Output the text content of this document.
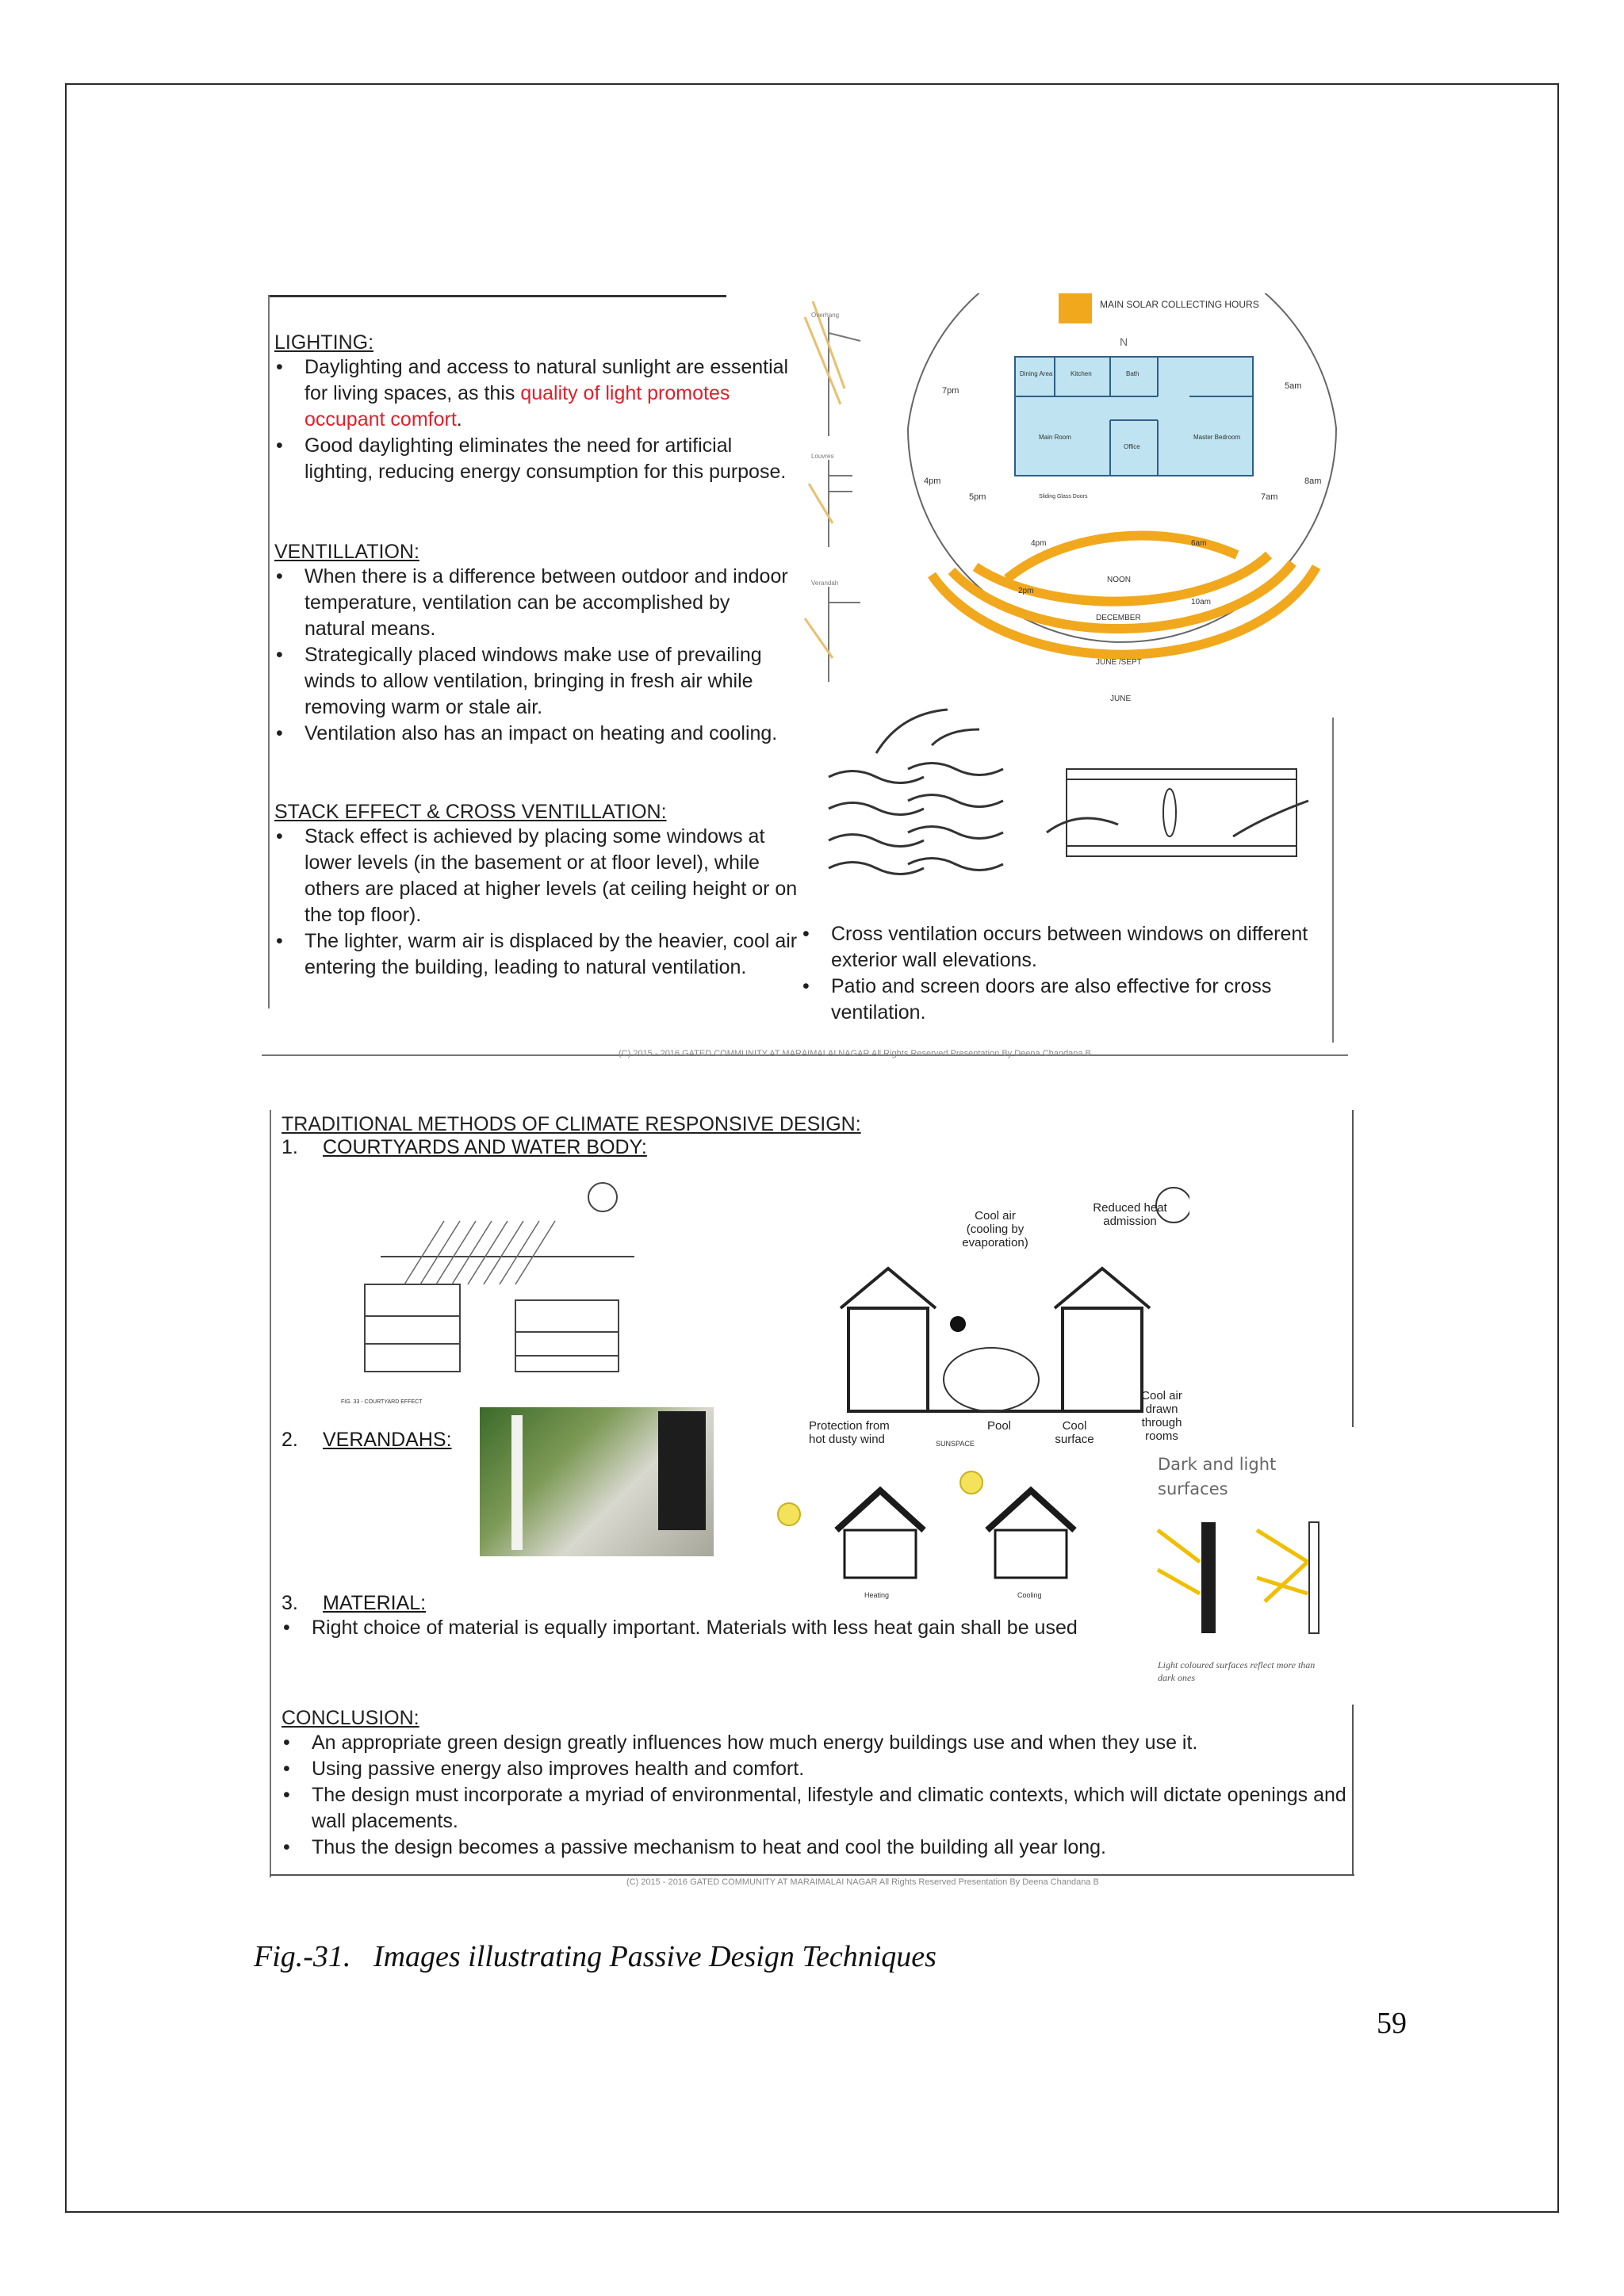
LIGHTING:

• Daylighting and access to natural sunlight are essential for living spaces, as this quality of light promotes occupant comfort.
• Good daylighting eliminates the need for artificial lighting, reducing energy consumption for this purpose.

VENTILLATION:

• When there is a difference between outdoor and indoor temperature, ventilation can be accomplished by natural means.
• Strategically placed windows make use of prevailing winds to allow ventilation, bringing in fresh air while removing warm or stale air.
• Ventilation also has an impact on heating and cooling.

STACK EFFECT & CROSS VENTILLATION:

• Stack effect is achieved by placing some windows at lower levels (in the basement or at floor level), while others are placed at higher levels (at ceiling height or on the top floor).
• The lighter, warm air is displaced by the heavier, cool air entering the building, leading to natural ventilation.
Overhang
Louvres
Verandah
MAIN SOLAR COLLECTING HOURS
N
Dining Area	Kitchen	Bath
Main Room	Master Bedroom
Office
Sliding Glass Doors
7pm	5am
4pm	8am
5pm	7am
4pm	6am
2pm
NOON
10am
DECEMBER
JUNE /SEPT
JUNE
• Cross ventilation occurs between windows on different exterior wall elevations.
• Patio and screen doors are also effective for cross ventilation.
(C) 2015 - 2016 GATED COMMUNITY AT MARAIMALAI NAGAR All Rights Reserved Presentation By Deena Chandana B

TRADITIONAL METHODS OF CLIMATE RESPONSIVE DESIGN:

1. COURTYARDS AND WATER BODY:
FIG. 33 - COURTYARD EFFECT
Cool air (cooling by evaporation)
Reduced heat admission
Protection from hot dusty wind
Pool	Cool surface
Cool air drawn through rooms
2. VERANDAHS:	SUNSPACE
Heating	Cooling
Dark and light surfaces
Light coloured surfaces reflect more than dark ones
3. MATERIAL:
• Right choice of material is equally important. Materials with less heat gain shall be used

CONCLUSION:

• An appropriate green design greatly influences how much energy buildings use and when they use it.
• Using passive energy also improves health and comfort.
• The design must incorporate a myriad of environmental, lifestyle and climatic contexts, which will dictate openings and wall placements.
• Thus the design becomes a passive mechanism to heat and cool the building all year long.
(C) 2015 - 2016 GATED COMMUNITY AT MARAIMALAI NAGAR All Rights Reserved Presentation By Deena Chandana B
Fig.-31.   Images illustrating Passive Design Techniques
59
